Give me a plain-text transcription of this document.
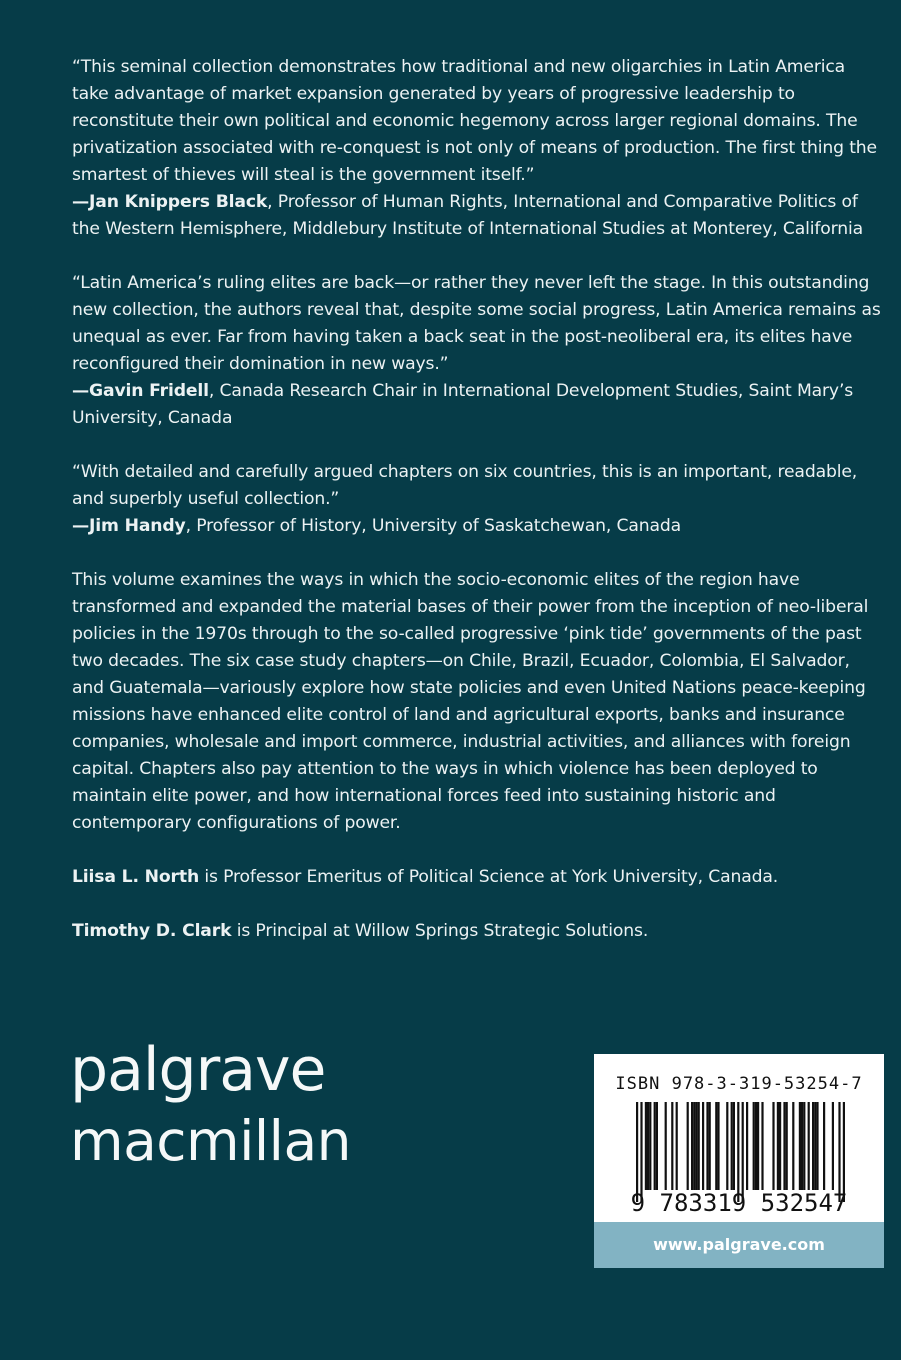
“This seminal collection demonstrates how traditional and new oligarchies in Latin America take advantage of market expansion generated by years of progressive leadership to reconstitute their own political and economic hegemony across larger regional domains. The privatization associated with re-conquest is not only of means of production. The first thing the smartest of thieves will steal is the government itself.”
—Jan Knippers Black, Professor of Human Rights, International and Comparative Politics of the Western Hemisphere, Middlebury Institute of International Studies at Monterey, California

“Latin America’s ruling elites are back—or rather they never left the stage. In this outstanding new collection, the authors reveal that, despite some social progress, Latin America remains as unequal as ever. Far from having taken a back seat in the post-neoliberal era, its elites have reconfigured their domination in new ways.”
—Gavin Fridell, Canada Research Chair in International Development Studies, Saint Mary’s University, Canada

“With detailed and carefully argued chapters on six countries, this is an important, readable, and superbly useful collection.”
—Jim Handy, Professor of History, University of Saskatchewan, Canada

This volume examines the ways in which the socio-economic elites of the region have transformed and expanded the material bases of their power from the inception of neo-liberal policies in the 1970s through to the so-called progressive ‘pink tide’ governments of the past two decades. The six case study chapters—on Chile, Brazil, Ecuador, Colombia, El Salvador, and Guatemala—variously explore how state policies and even United Nations peace-keeping missions have enhanced elite control of land and agricultural exports, banks and insurance companies, wholesale and import commerce, industrial activities, and alliances with foreign capital. Chapters also pay attention to the ways in which violence has been deployed to maintain elite power, and how international forces feed into sustaining historic and contemporary configurations of power.

Liisa L. North is Professor Emeritus of Political Science at York University, Canada.

Timothy D. Clark is Principal at Willow Springs Strategic Solutions.

palgrave
macmillan
ISBN 978-3-319-53254-7
9 783319 532547
www.palgrave.com
